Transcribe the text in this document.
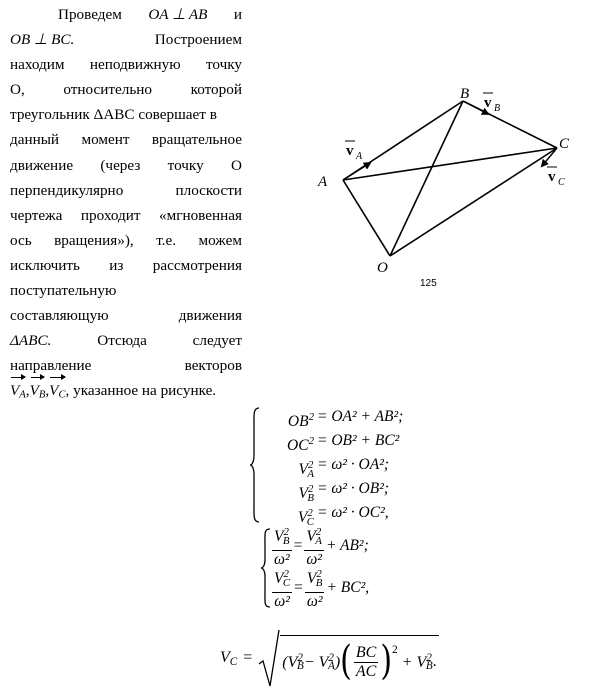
Проведем OA ⊥ AB и
OB ⊥ BC.	Построением
находим неподвижную точку
О,	относительно	которой
треугольник ΔABC совершает в
данный момент вращательное
движение (через точку О
перпендикулярно	плоскости
чертежа проходит «мгновенная
ось вращения»), т.е. можем
исключить из рассмотрения
поступательную
составляющую	движения
ΔABC.	Отсюда	следует
направление	векторов
$V_A$ , $V_B$ , $V_C$ , указанное на рисунке.
A
B
C
O
v A
v B
v C
125
$OB^2 = OA^2 + AB^2$;
$OC^2 = OB^2 + BC^2$
$V^2_A$
= ω² · OA²;
$V^2_B$
= ω² · OB²;
$V^2_C$
= ω² · OC²,
$\frac{V^2_B}{\text{ω²}} = \frac{V^2_A}{\text{ω²}} + AB^2$;
$\frac{V^2_C}{\text{ω²}} = \frac{V^2_B}{\text{ω²}} + BC^2$,
$V_C = (V^2_B - V^2_A)$ ( $\frac{BC}{AC} )^2$
+ $V^2_B$ .
